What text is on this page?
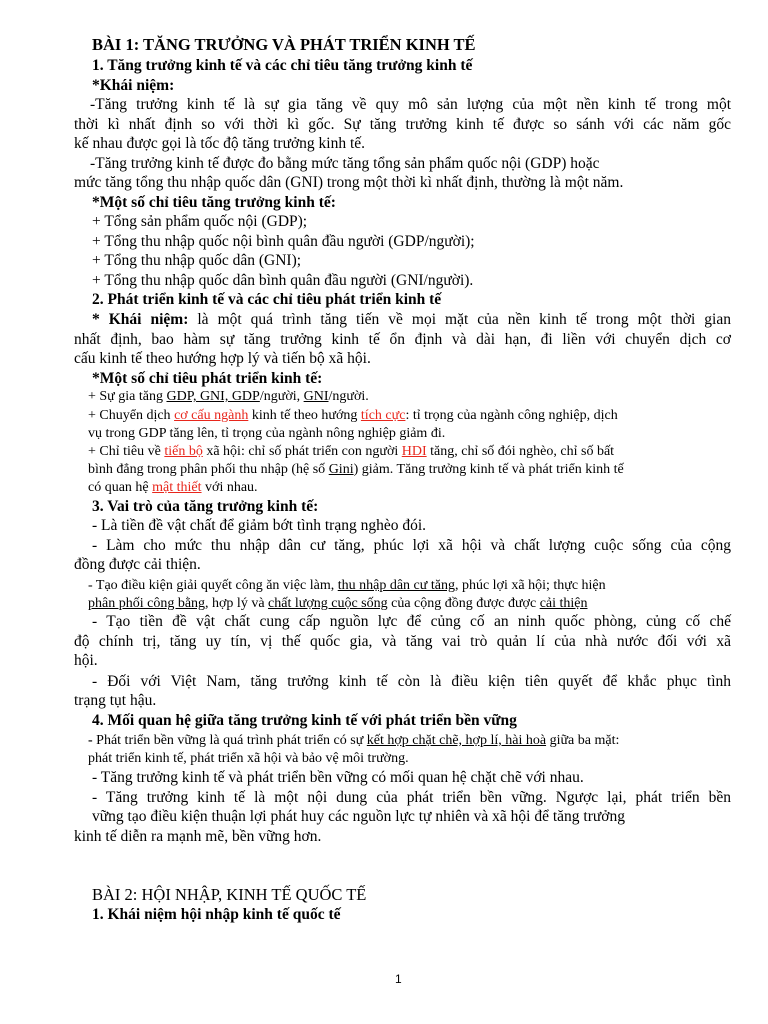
BÀI 1: TĂNG TRƯỞNG VÀ PHÁT TRIỂN KINH TẾ
1. Tăng trưởng kinh tế và các chỉ tiêu tăng trưởng kinh tế
*Khái niệm:
-Tăng trưởng kinh tế là sự gia tăng về quy mô sản lượng của một nền kinh tế trong một
thời kì nhất định so với thời kì gốc. Sự tăng trưởng kinh tế được so sánh với các năm gốc
kế nhau được gọi là tốc độ tăng trưởng kinh tế.
-Tăng trưởng kinh tế được đo bằng mức tăng tổng sản phẩm quốc nội (GDP) hoặc
mức tăng tổng thu nhập quốc dân (GNI) trong một thời kì nhất định, thường là một năm.
*Một số chỉ tiêu tăng trưởng kinh tế:
+ Tổng sản phẩm quốc nội (GDP);
+ Tổng thu nhập quốc nội bình quân đầu người (GDP/người);
+ Tổng thu nhập quốc dân (GNI);
+ Tổng thu nhập quốc dân bình quân đầu người (GNI/người).
2. Phát triển kinh tế và các chỉ tiêu phát triển kinh tế
* Khái niệm: là một quá trình tăng tiến về mọi mặt của nền kinh tế trong một thời gian
nhất định, bao hàm sự tăng trưởng kinh tế ổn định và dài hạn, đi liền với chuyển dịch cơ
cấu kinh tế theo hướng hợp lý và tiến bộ xã hội.
*Một số chỉ tiêu phát triển kinh tế:
+ Sự gia tăng GDP, GNI, GDP/người, GNI/người.
+ Chuyển dịch cơ cấu ngành kinh tế theo hướng tích cực: tỉ trọng của ngành công nghiệp, dịch
vụ trong GDP tăng lên, tỉ trọng của ngành nông nghiệp giảm đi.
+ Chỉ tiêu về tiến bộ xã hội: chỉ số phát triển con người HDI tăng, chỉ số đói nghèo, chỉ số bất
bình đẳng trong phân phối thu nhập (hệ số Gini) giảm. Tăng trưởng kinh tế và phát triển kinh tế
có quan hệ mật thiết với nhau.
3. Vai trò của tăng trưởng kinh tế:
- Là tiền đề vật chất để giảm bớt tình trạng nghèo đói.
- Làm cho mức thu nhập dân cư tăng, phúc lợi xã hội và chất lượng cuộc sống của cộng
đồng được cải thiện.
- Tạo điều kiện giải quyết công ăn việc làm, thu nhập dân cư tăng, phúc lợi xã hội; thực hiện
phân phối công bằng, hợp lý và chất lượng cuộc sống của cộng đồng được được cải thiện
- Tạo tiền đề vật chất cung cấp nguồn lực để củng cố an ninh quốc phòng, củng cố chế
độ chính trị, tăng uy tín, vị thế quốc gia, và tăng vai trò quản lí của nhà nước đối với xã
hội.
- Đối với Việt Nam, tăng trưởng kinh tế còn là điều kiện tiên quyết để khắc phục tình
trạng tụt hậu.
4. Mối quan hệ giữa tăng trưởng kinh tế với phát triển bền vững
- Phát triển bền vững là quá trình phát triển có sự kết hợp chặt chẽ, hợp lí, hài hoà giữa ba mặt:
phát triển kinh tế, phát triển xã hội và bảo vệ môi trường.
- Tăng trưởng kinh tế và phát triển bền vững có mối quan hệ chặt chẽ với nhau.
- Tăng trưởng kinh tế là một nội dung của phát triển bền vững. Ngược lại, phát triển bền
vững tạo điều kiện thuận lợi phát huy các nguồn lực tự nhiên và xã hội để tăng trưởng
kinh tế diễn ra mạnh mẽ, bền vững hơn.
BÀI 2: HỘI NHẬP, KINH TẾ QUỐC TẾ
1. Khái niệm hội nhập kinh tế quốc tế
1
